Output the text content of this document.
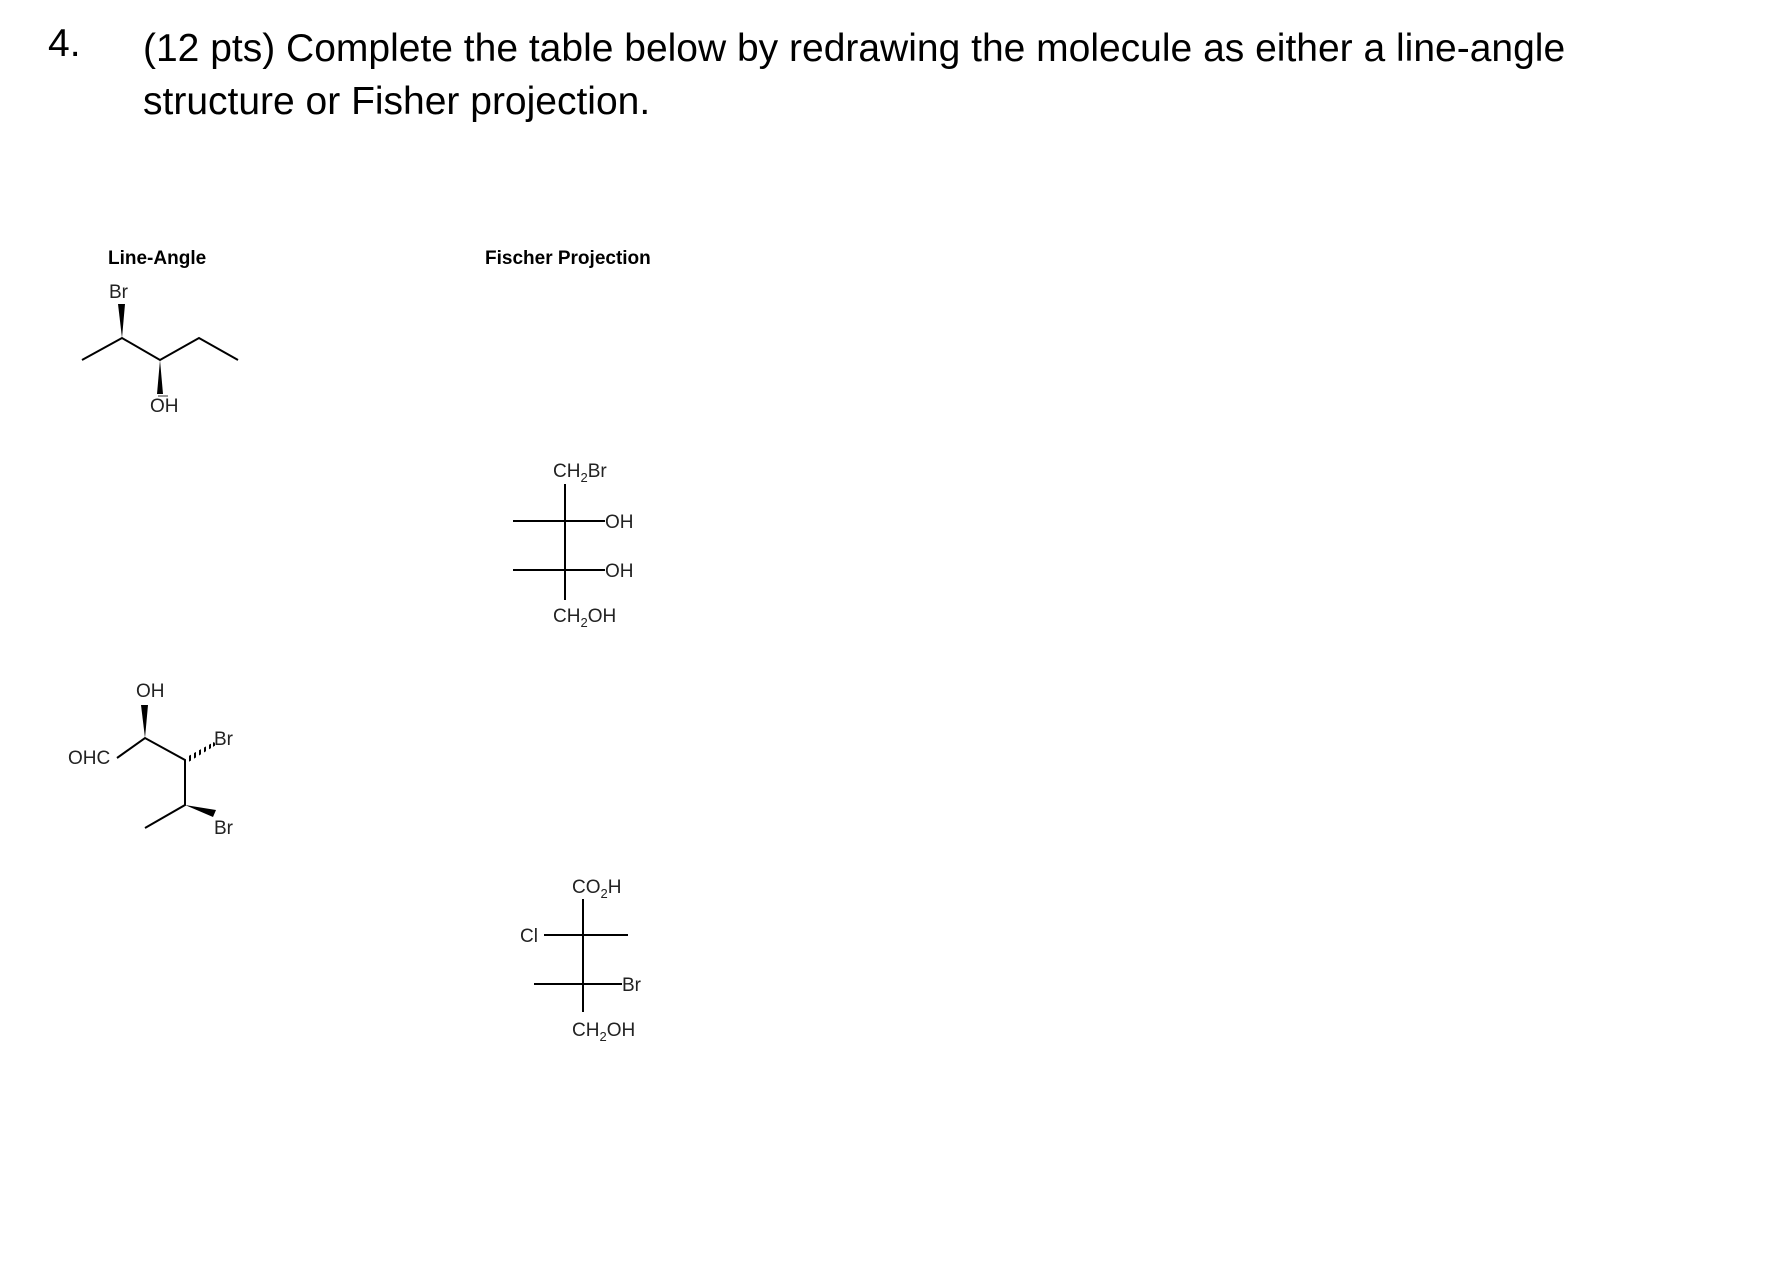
4. (12 pts) Complete the table below by redrawing the molecule as either a line-angle
structure or Fisher projection.
Line-Angle	Fischer Projection
Br
OH
$CH_2Br$
OH
OH
$CH_2OH$
OH
OHC
Br
Br
$CO_2H$
Cl
Br
$CH_2OH$
